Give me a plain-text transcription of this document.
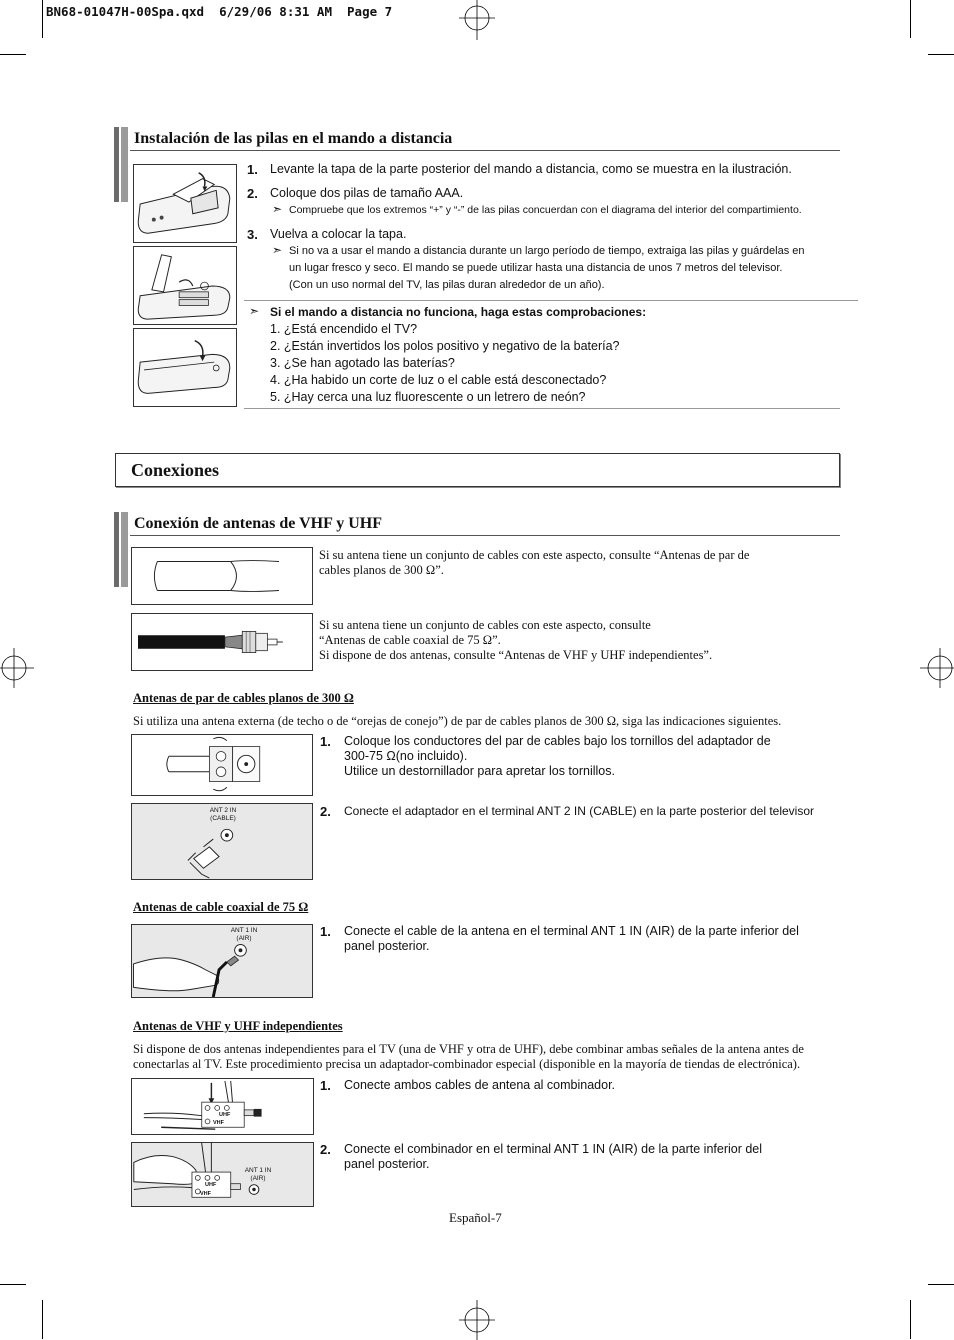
BN68-01047H-00Spa.qxd  6/29/06 8:31 AM  Page 7
Instalación de las pilas en el mando a distancia
1. Levante la tapa de la parte posterior del mando a distancia, como se muestra en la ilustración.
2. Coloque dos pilas de tamaño AAA.
➣ Compruebe que los extremos “+” y “-” de las pilas concuerdan con el diagrama del interior del compartimiento.
3. Vuelva a colocar la tapa.
➣ Si no va a usar el mando a distancia durante un largo período de tiempo, extraiga las pilas y guárdelas en
un lugar fresco y seco. El mando se puede utilizar hasta una distancia de unos 7 metros del televisor.
(Con un uso normal del TV, las pilas duran alrededor de un año).
➣ Si el mando a distancia no funciona, haga estas comprobaciones:
1. ¿Está encendido el TV?
2. ¿Están invertidos los polos positivo y negativo de la batería?
3. ¿Se han agotado las baterías?
4. ¿Ha habido un corte de luz o el cable está desconectado?
5. ¿Hay cerca una luz fluorescente o un letrero de neón?
Conexiones
Conexión de antenas de VHF y UHF
Si su antena tiene un conjunto de cables con este aspecto, consulte “Antenas de par de
cables planos de 300 Ω”.
Si su antena tiene un conjunto de cables con este aspecto, consulte
“Antenas de cable coaxial de 75 Ω”.
Si dispone de dos antenas, consulte “Antenas de VHF y UHF independientes”.
Antenas de par de cables planos de 300 Ω
Si utiliza una antena externa (de techo o de “orejas de conejo”) de par de cables planos de 300 Ω, siga las indicaciones siguientes.
1. Coloque los conductores del par de cables bajo los tornillos del adaptador de
300-75 Ω(no incluido).
Utilice un destornillador para apretar los tornillos.
ANT 2 IN
(CABLE)	2. Conecte el adaptador en el terminal ANT 2 IN (CABLE) en la parte posterior del televisor
Antenas de cable coaxial de 75 Ω
ANT 1 IN
(AIR)	1. Conecte el cable de la antena en el terminal ANT 1 IN (AIR) de la parte inferior del
panel posterior.
Antenas de VHF y UHF independientes
Si dispone de dos antenas independientes para el TV (una de VHF y otra de UHF), debe combinar ambas señales de la antena antes de
conectarlas al TV. Este procedimiento precisa un adaptador-combinador especial (disponible en la mayoría de tiendas de electrónica).
UHF
VHF
1. Conecte ambos cables de antena al combinador.
ANT 1 IN
(AIR)
UHF
VHF
2. Conecte el combinador en el terminal ANT 1 IN (AIR) de la parte inferior del
panel posterior.
Español-7
